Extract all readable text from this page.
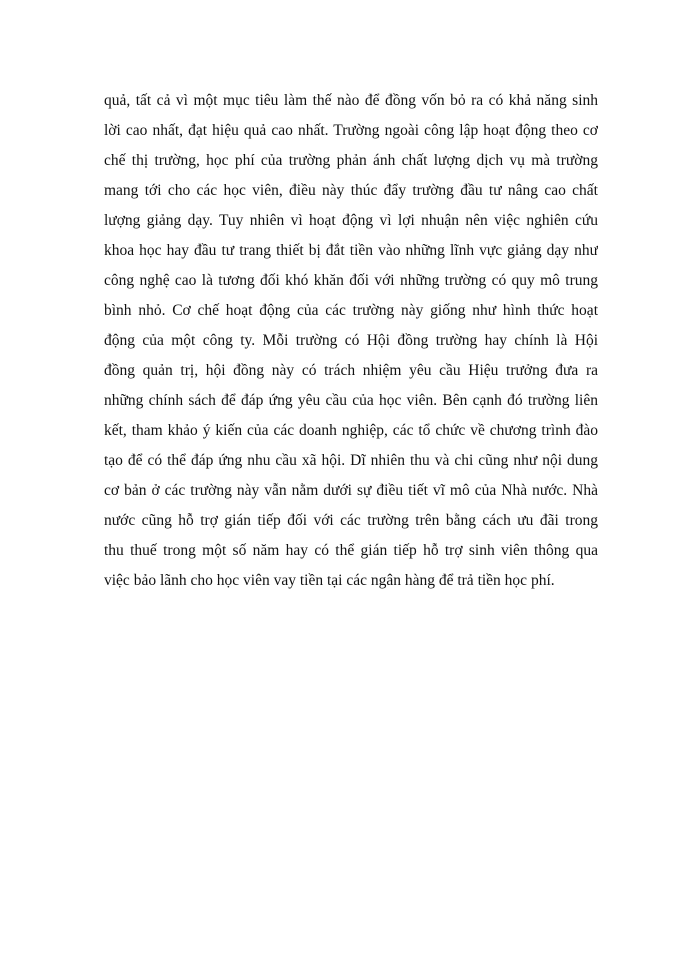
quả, tất cả vì một mục tiêu làm thế nào để đồng vốn bỏ ra có khả năng sinh
lời cao nhất, đạt hiệu quả cao nhất. Trường ngoài công lập hoạt động theo cơ
chế thị trường, học phí của trường phản ánh chất lượng dịch vụ mà trường
mang tới cho các học viên, điều này thúc đẩy trường đầu tư nâng cao chất
lượng giảng dạy. Tuy nhiên vì hoạt động vì lợi nhuận nên việc nghiên cứu
khoa học hay đầu tư trang thiết bị đắt tiền vào những lĩnh vực giảng dạy như
công nghệ cao là tương đối khó khăn đối với những trường có quy mô trung
bình nhỏ. Cơ chế hoạt động của các trường này giống như hình thức hoạt
động của một công ty. Mỗi trường có Hội đồng trường hay chính là Hội
đồng quản trị, hội đồng này có trách nhiệm yêu cầu Hiệu trưởng đưa ra
những chính sách để đáp ứng yêu cầu của học viên. Bên cạnh đó trường liên
kết, tham khảo ý kiến của các doanh nghiệp, các tổ chức về chương trình đào
tạo để có thể đáp ứng nhu cầu xã hội. Dĩ nhiên thu và chi cũng như nội dung
cơ bản ở các trường này vẫn nằm dưới sự điều tiết vĩ mô của Nhà nước. Nhà
nước cũng hỗ trợ gián tiếp đối với các trường trên bằng cách ưu đãi trong
thu thuế trong một số năm hay có thể gián tiếp hỗ trợ sinh viên thông qua
việc bảo lãnh cho học viên vay tiền tại các ngân hàng để trả tiền học phí.
